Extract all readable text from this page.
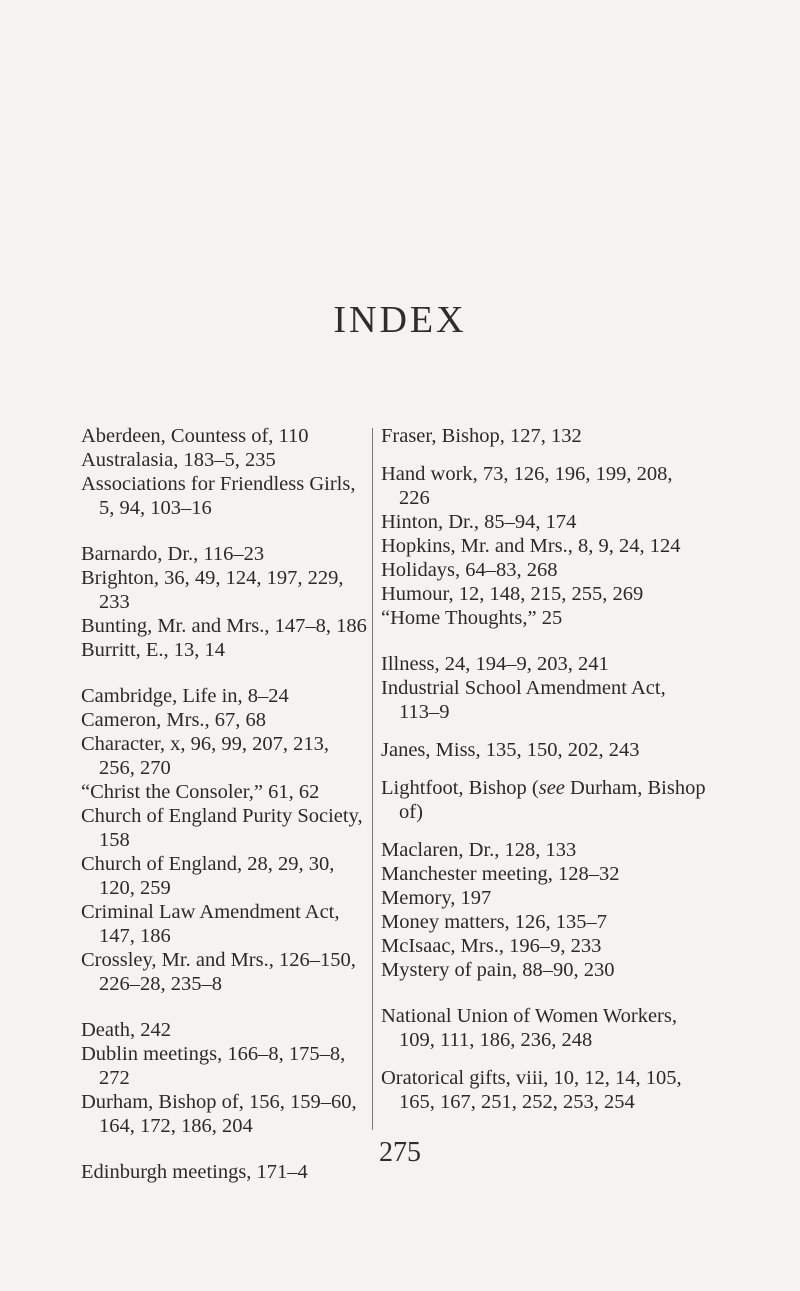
INDEX

Aberdeen, Countess of, 110

Australasia, 183–5, 235

Associations for Friendless Girls, 5, 94, 103–16

Barnardo, Dr., 116–23

Brighton, 36, 49, 124, 197, 229, 233

Bunting, Mr. and Mrs., 147–8, 186

Burritt, E., 13, 14

Cambridge, Life in, 8–24

Cameron, Mrs., 67, 68

Character, x, 96, 99, 207, 213, 256, 270

“Christ the Consoler,” 61, 62

Church of England Purity Society, 158

Church of England, 28, 29, 30, 120, 259

Criminal Law Amendment Act, 147, 186

Crossley, Mr. and Mrs., 126–150, 226–28, 235–8

Death, 242

Dublin meetings, 166–8, 175–8, 272

Durham, Bishop of, 156, 159–60, 164, 172, 186, 204

Edinburgh meetings, 171–4

Fraser, Bishop, 127, 132

Hand work, 73, 126, 196, 199, 208, 226

Hinton, Dr., 85–94, 174

Hopkins, Mr. and Mrs., 8, 9, 24, 124

Holidays, 64–83, 268

Humour, 12, 148, 215, 255, 269

“Home Thoughts,” 25

Illness, 24, 194–9, 203, 241

Industrial School Amendment Act, 113–9

Janes, Miss, 135, 150, 202, 243

Lightfoot, Bishop (see Durham, Bishop of)

Maclaren, Dr., 128, 133

Manchester meeting, 128–32

Memory, 197

Money matters, 126, 135–7

McIsaac, Mrs., 196–9, 233

Mystery of pain, 88–90, 230

National Union of Women Workers, 109, 111, 186, 236, 248

Oratorical gifts, viii, 10, 12, 14, 105, 165, 167, 251, 252, 253, 254

275
